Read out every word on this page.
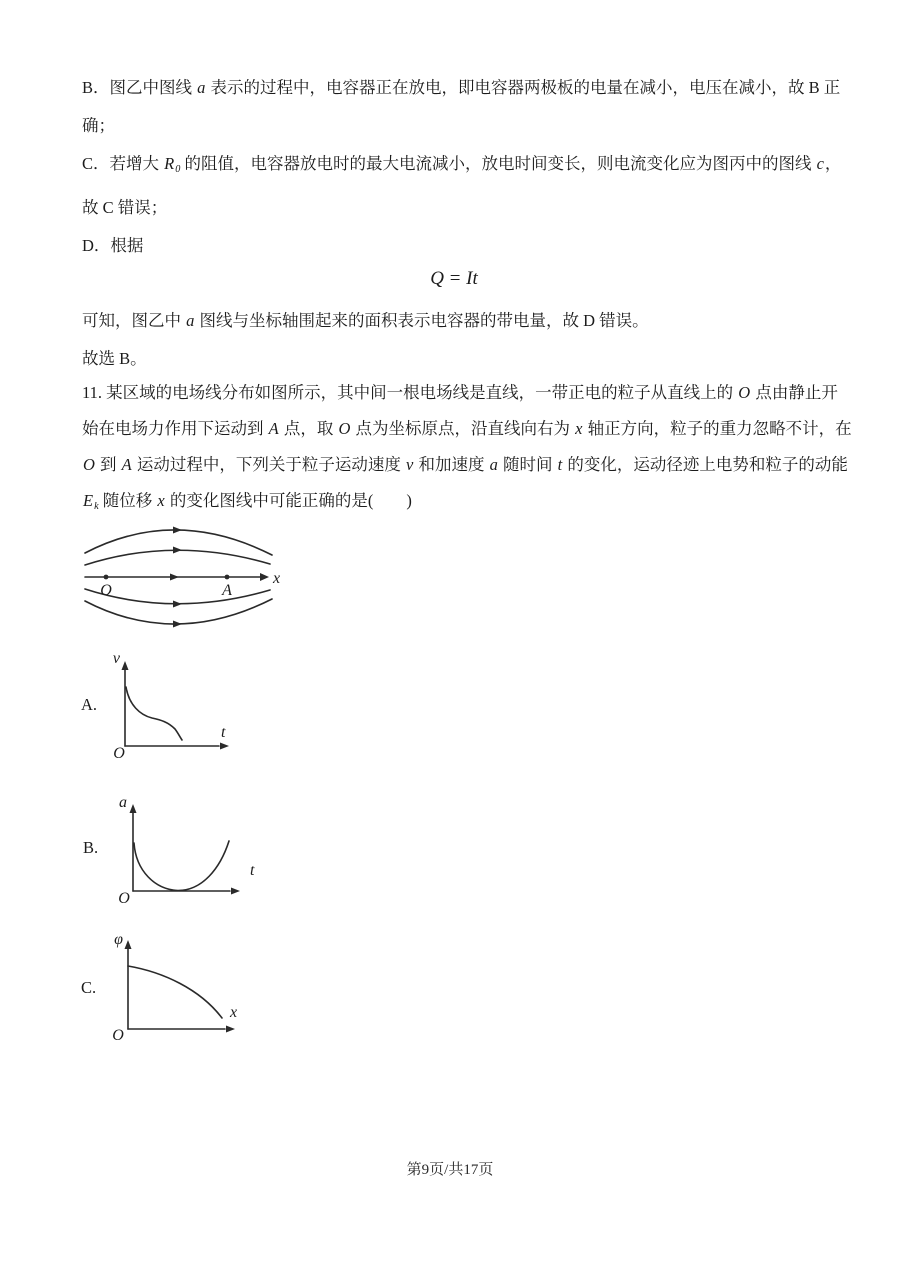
B．图乙中图线 a 表示的过程中，电容器正在放电，即电容器两极板的电量在减小，电压在减小，故 B 正
确；
C．若增大 R0 的阻值，电容器放电时的最大电流减小，放电时间变长，则电流变化应为图丙中的图线 c，
故 C 错误；
D．根据
Q = It
可知，图乙中 a 图线与坐标轴围起来的面积表示电容器的带电量，故 D 错误。
故选 B。
11. 某区域的电场线分布如图所示，其中间一根电场线是直线，一带正电的粒子从直线上的 O 点由静止开
始在电场力作用下运动到 A 点，取 O 点为坐标原点，沿直线向右为 x 轴正方向，粒子的重力忽略不计，在
O 到 A 运动过程中，下列关于粒子运动速度 v 和加速度 a 随时间 t 的变化，运动径迹上电势和粒子的动能
Ek 随位移 x 的变化图线中可能正确的是(　　)
O	A
x
A.
v
t
O
B.
a
t
O
C.
φ
x
O
第9页/共17页
